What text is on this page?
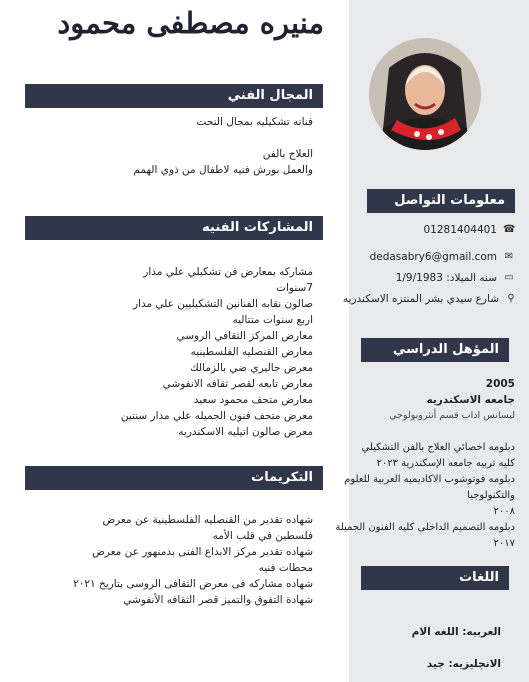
منيره مصطفى محمود
المجال الفني
فنانه تشكيليه بمجال النحت
العلاج بالفن
والعمل بورش فنيه لاطفال من ذوي الهمم
المشاركات الفنيه
مشاركه بمعارض فن تشكيلي علي مدار
7سنوات
صالون نقابه الفنانين التشكيليين علي مدار
اربع سنوات متتاليه
معارض المركز الثقافي الروسي
معارض القنصليه الفلسطينيه
معرض جاليري ضي بالزمالك
معارض تابعه لقصر ثقافه الانفوشي
معارض متحف محمود سعيد
معرض متحف فنون الجميله علي مدار سنتين
معرض صالون اتيليه الاسكندريه
التكريمات
شهاده تقدير من القنصليه الفلسطينية عن معرض
فلسطين في قلب الأمه
شهاده تقدير مركز الابداع الفنى بدمنهور عن معرض
محطات فنيه
شهاده مشاركه فى معرض الثقافى الروسى بتاريخ ٢٠٢١
شهادة التفوق والتميز قصر الثقافه الأنفوشي
معلومات التواصل
01281404401 ☎
dedasabry6@gmail.com ✉
▭
سنه الميلاد: 1/9/1983
⚲
شارع سيدي بشر المنتزه الاسكندريه
المؤهل الدراسي
2005
جامعه الاسكندريه
ليسانس اداب قسم أنثروبولوجي
دبلومه اخصائي العلاج بالفن التشكيلي
كليه تربيه جامعه الإسكندرية ٢٠٢٣
دبلومه فوتوشوب الاكاديميه العربية للعلوم
والتكنولوجيا
٢٠٠٨
دبلومه التصميم الداخلى كليه الفنون الجميلة
٢٠١٧
اللغات
العربيه: اللغه الام
الانجليزيه: جيد
